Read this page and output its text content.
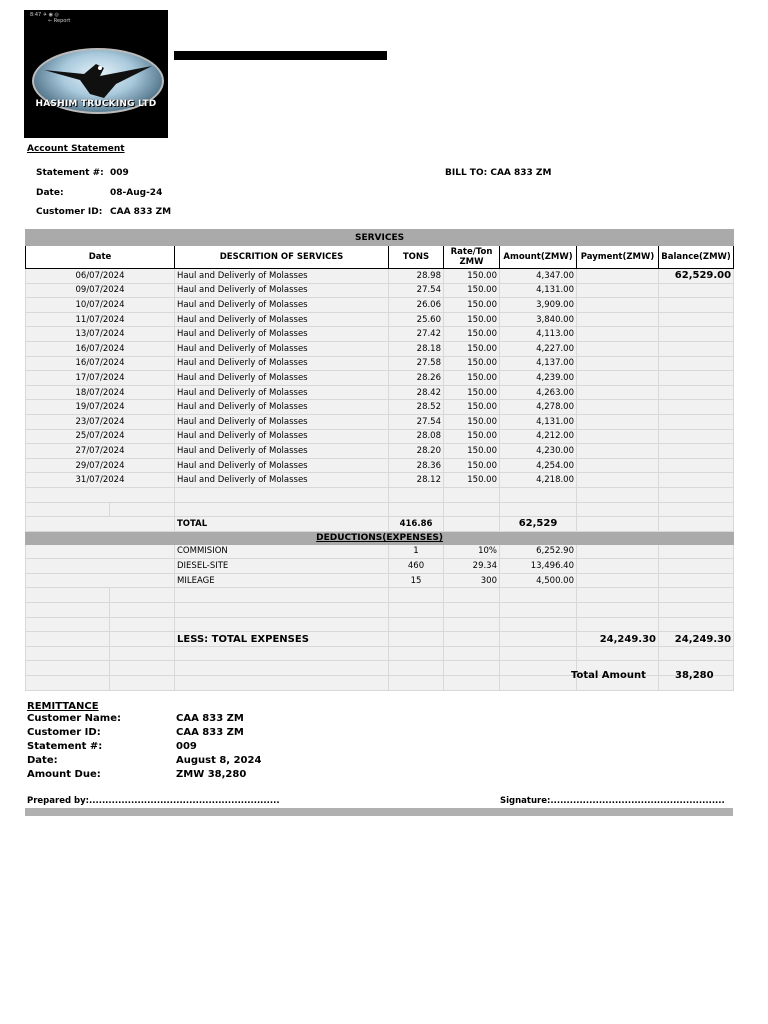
8:47 ✈ ◉ ◎
← Report
HASHIM TRUCKING LTD
Account Statement
Statement #: 009
Date:	08-Aug-24
Customer ID: CAA 833 ZM
BILL TO: CAA 833 ZM
SERVICES							
Date		DESCRITION OF SERVICES	TONS	Rate/Ton ZMW	Amount(ZMW)	Payment(ZMW)	Balance(ZMW)
06/07/2024		Haul and Deliverly of Molasses	28.98	150.00	4,347.00		62,529.00
09/07/2024		Haul and Deliverly of Molasses	27.54	150.00	4,131.00		
10/07/2024		Haul and Deliverly of Molasses	26.06	150.00	3,909.00		
11/07/2024		Haul and Deliverly of Molasses	25.60	150.00	3,840.00		
13/07/2024		Haul and Deliverly of Molasses	27.42	150.00	4,113.00		
16/07/2024		Haul and Deliverly of Molasses	28.18	150.00	4,227.00		
16/07/2024		Haul and Deliverly of Molasses	27.58	150.00	4,137.00		
17/07/2024		Haul and Deliverly of Molasses	28.26	150.00	4,239.00		
18/07/2024		Haul and Deliverly of Molasses	28.42	150.00	4,263.00		
19/07/2024		Haul and Deliverly of Molasses	28.52	150.00	4,278.00		
23/07/2024		Haul and Deliverly of Molasses	27.54	150.00	4,131.00		
25/07/2024		Haul and Deliverly of Molasses	28.08	150.00	4,212.00		
27/07/2024		Haul and Deliverly of Molasses	28.20	150.00	4,230.00		
29/07/2024		Haul and Deliverly of Molasses	28.36	150.00	4,254.00		
31/07/2024		Haul and Deliverly of Molasses	28.12	150.00	4,218.00		

		TOTAL	416.86		62,529		
DEDUCTIONS(EXPENSES)							
		COMMISION	1	10%	6,252.90		
		DIESEL-SITE	460	29.34	13,496.40		
		MILEAGE	15	300	4,500.00		

		LESS: TOTAL EXPENSES				24,249.30	24,249.30

Total Amount	38,280
REMITTANCE
Customer Name:	CAA 833 ZM
Customer ID:	CAA 833 ZM
Statement #:	009
Date:	August 8, 2024
Amount Due:	ZMW 38,280
Prepared by:...........................................................	Signature:......................................................
